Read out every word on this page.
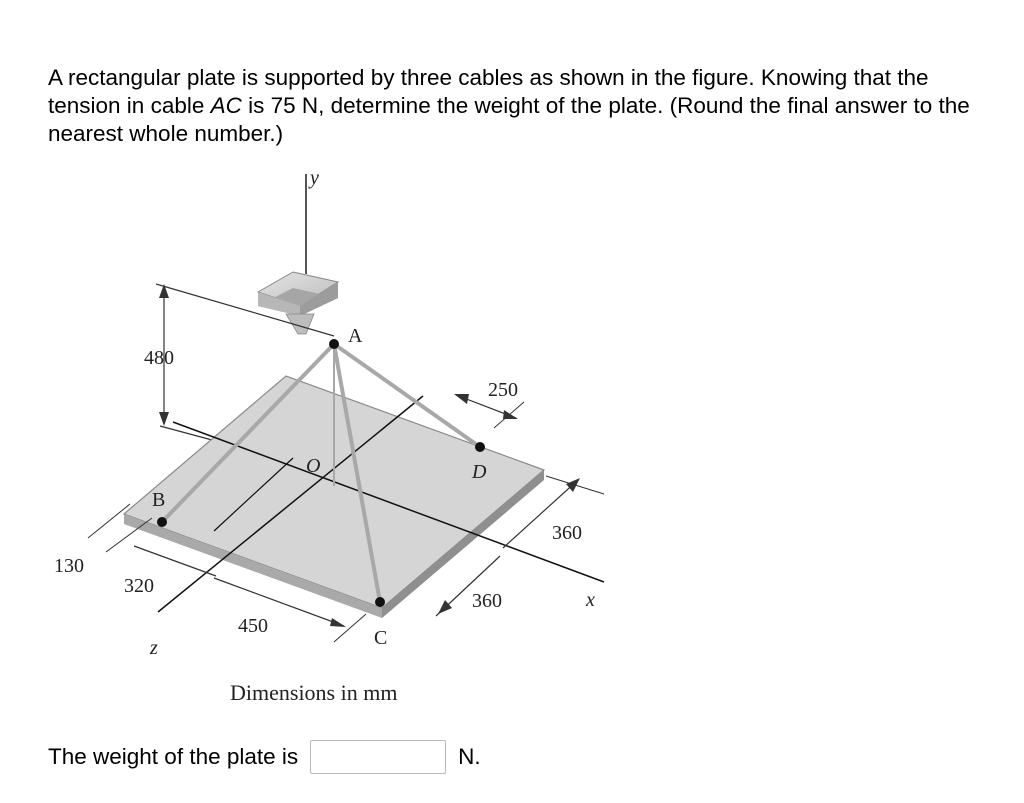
A rectangular plate is supported by three cables as shown in the figure. Knowing that the tension in cable AC is 75 N, determine the weight of the plate. (Round the final answer to the nearest whole number.)

y
A
B
C
D
O
480
250
360
360	x
130
320
450
z
Dimensions in mm
The weight of the plate is	N.
